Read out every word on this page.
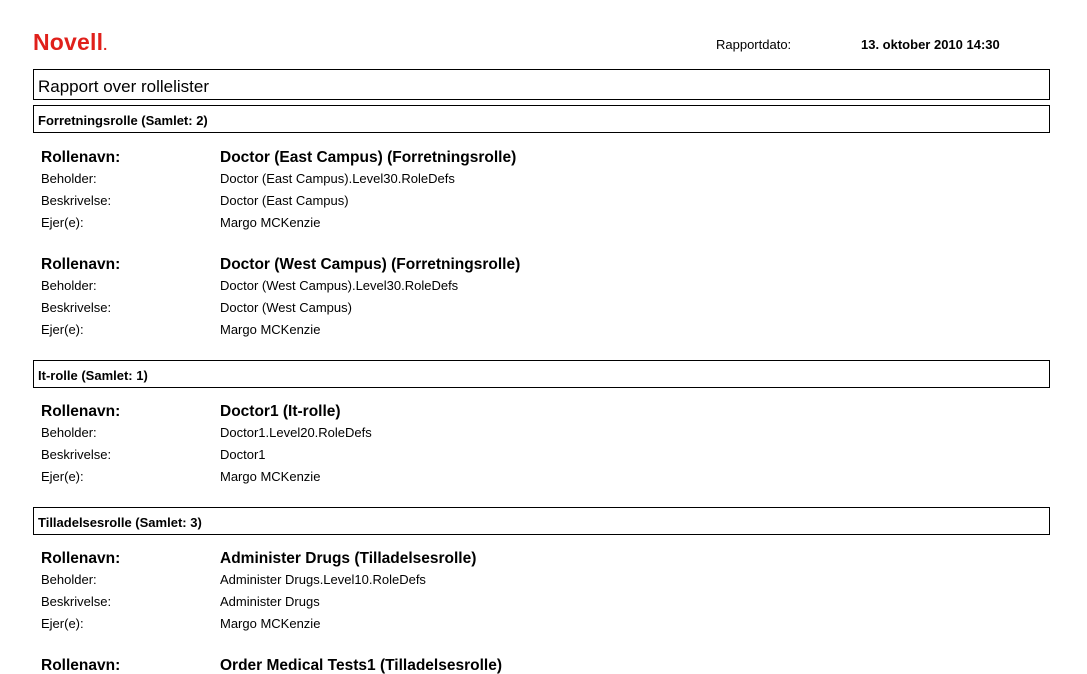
Novell.	Rapportdato:	13. oktober 2010 14:30
Rapport over rollelister
Forretningsrolle (Samlet: 2)
Rollenavn:	Doctor (East Campus) (Forretningsrolle)
Beholder:	Doctor (East Campus).Level30.RoleDefs
Beskrivelse:	Doctor (East Campus)
Ejer(e):	Margo MCKenzie
Rollenavn:	Doctor (West Campus) (Forretningsrolle)
Beholder:	Doctor (West Campus).Level30.RoleDefs
Beskrivelse:	Doctor (West Campus)
Ejer(e):	Margo MCKenzie
It-rolle (Samlet: 1)
Rollenavn:	Doctor1 (It-rolle)
Beholder:	Doctor1.Level20.RoleDefs
Beskrivelse:	Doctor1
Ejer(e):	Margo MCKenzie
Tilladelsesrolle (Samlet: 3)
Rollenavn:	Administer Drugs (Tilladelsesrolle)
Beholder:	Administer Drugs.Level10.RoleDefs
Beskrivelse:	Administer Drugs
Ejer(e):	Margo MCKenzie
Rollenavn:	Order Medical Tests1 (Tilladelsesrolle)
